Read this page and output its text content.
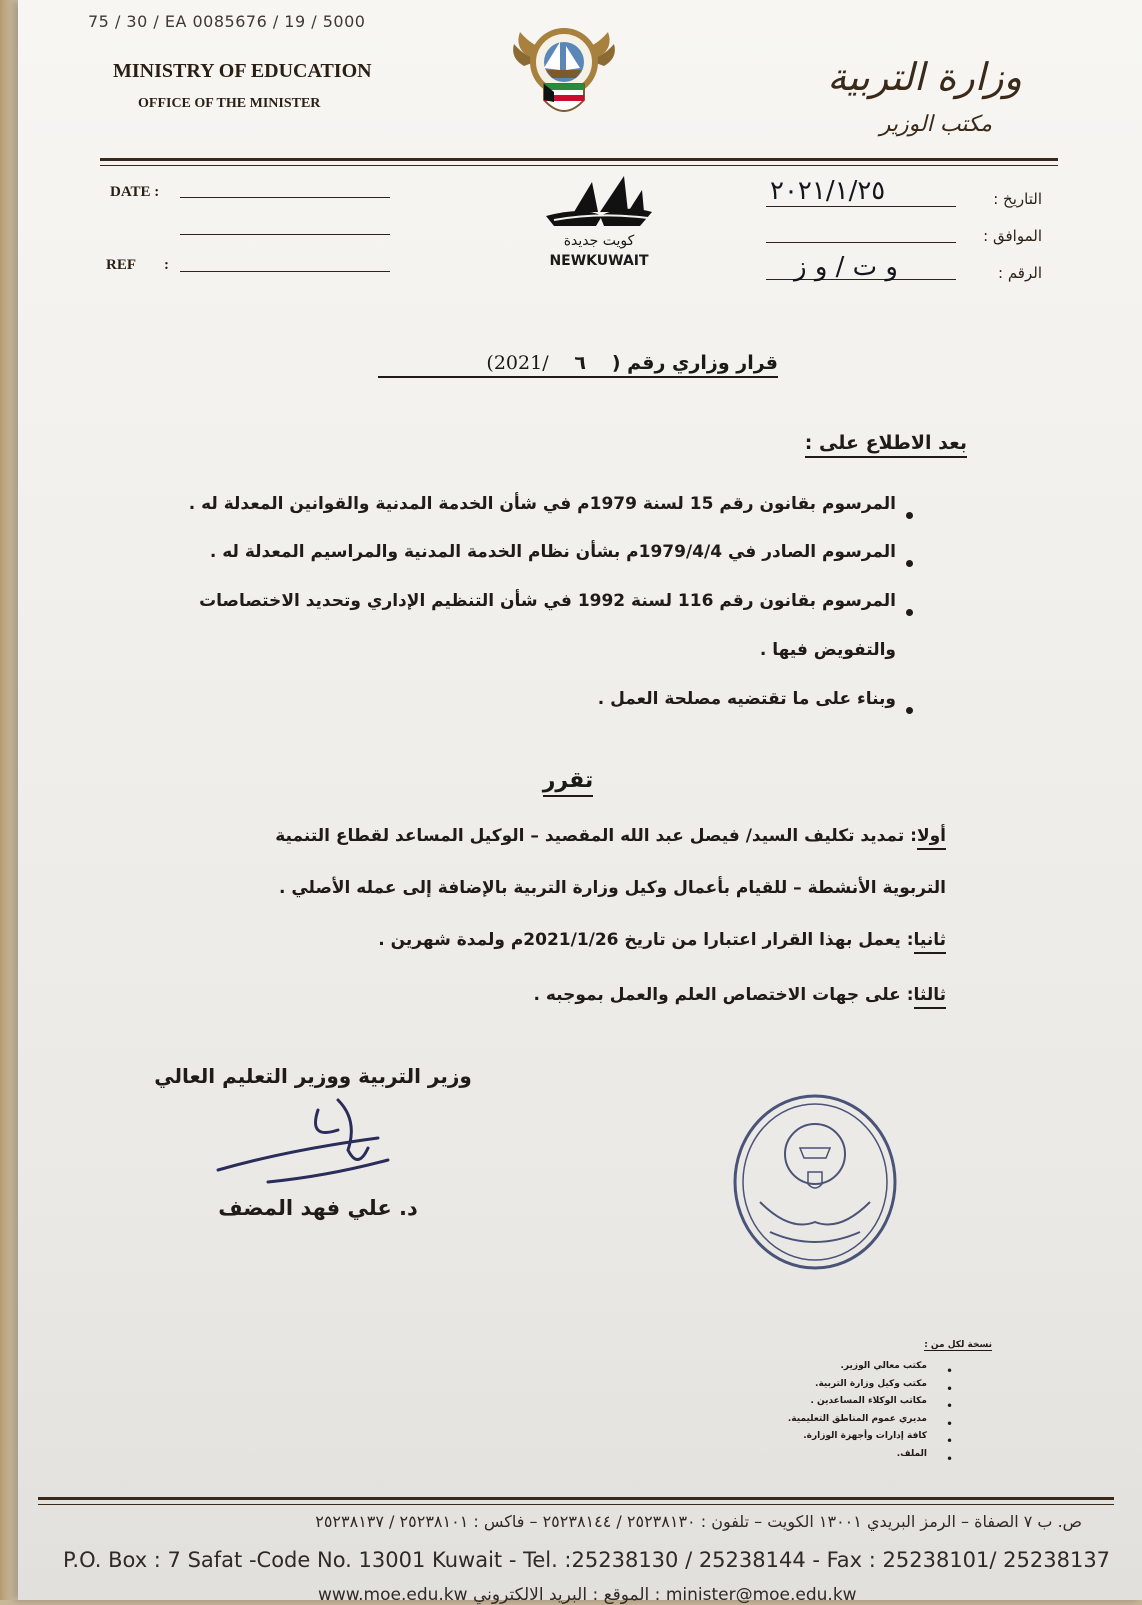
75 / 30 / EA 0085676 / 19 / 5000
MINISTRY OF EDUCATION
OFFICE OF THE MINISTER
وزارة التربية
مكتب الوزير
DATE :
REF :
كويت جديدة
NEWKUWAIT
التاريخ :
٢٠٢١/١/٢٥
الموافق :
الرقم :
و ت / و ز
قرار وزاري رقم ( ٦ /2021)
بعد الاطلاع على :
المرسوم بقانون رقم 15 لسنة 1979م في شأن الخدمة المدنية والقوانين المعدلة له .
المرسوم الصادر في 1979/4/4م بشأن نظام الخدمة المدنية والمراسيم المعدلة له .
المرسوم بقانون رقم 116 لسنة 1992 في شأن التنظيم الإداري وتحديد الاختصاصات
والتفويض فيها .
وبناء على ما تقتضيه مصلحة العمل .
تقرر
أولا: تمديد تكليف السيد/ فيصل عبد الله المقصيد – الوكيل المساعد لقطاع التنمية
التربوية الأنشطة – للقيام بأعمال وكيل وزارة التربية بالإضافة إلى عمله الأصلي .
ثانيا: يعمل بهذا القرار اعتبارا من تاريخ 2021/1/26م ولمدة شهرين .
ثالثا: على جهات الاختصاص العلم والعمل بموجبه .
وزير التربية ووزير التعليم العالي
د. علي فهد المضف
نسخة لكل من :
مكتب معالي الوزير.
مكتب وكيل وزارة التربية.
مكاتب الوكلاء المساعدين .
مديري عموم المناطق التعليمية.
كافة إدارات وأجهزة الوزارة.
الملف.
•
•
•
•
•
•
ص. ب ٧ الصفاة – الرمز البريدي ١٣٠٠١ الكويت – تلفون : ٢٥٢٣٨١٣٠ / ٢٥٢٣٨١٤٤ – فاكس : ٢٥٢٣٨١٠١ / ٢٥٢٣٨١٣٧
P.O. Box : 7 Safat -Code No. 13001 Kuwait - Tel. :25238130 / 25238144 - Fax : 25238101/ 25238137
www.moe.edu.kw	الموقع : البريد الالكتروني : minister@moe.edu.kw
